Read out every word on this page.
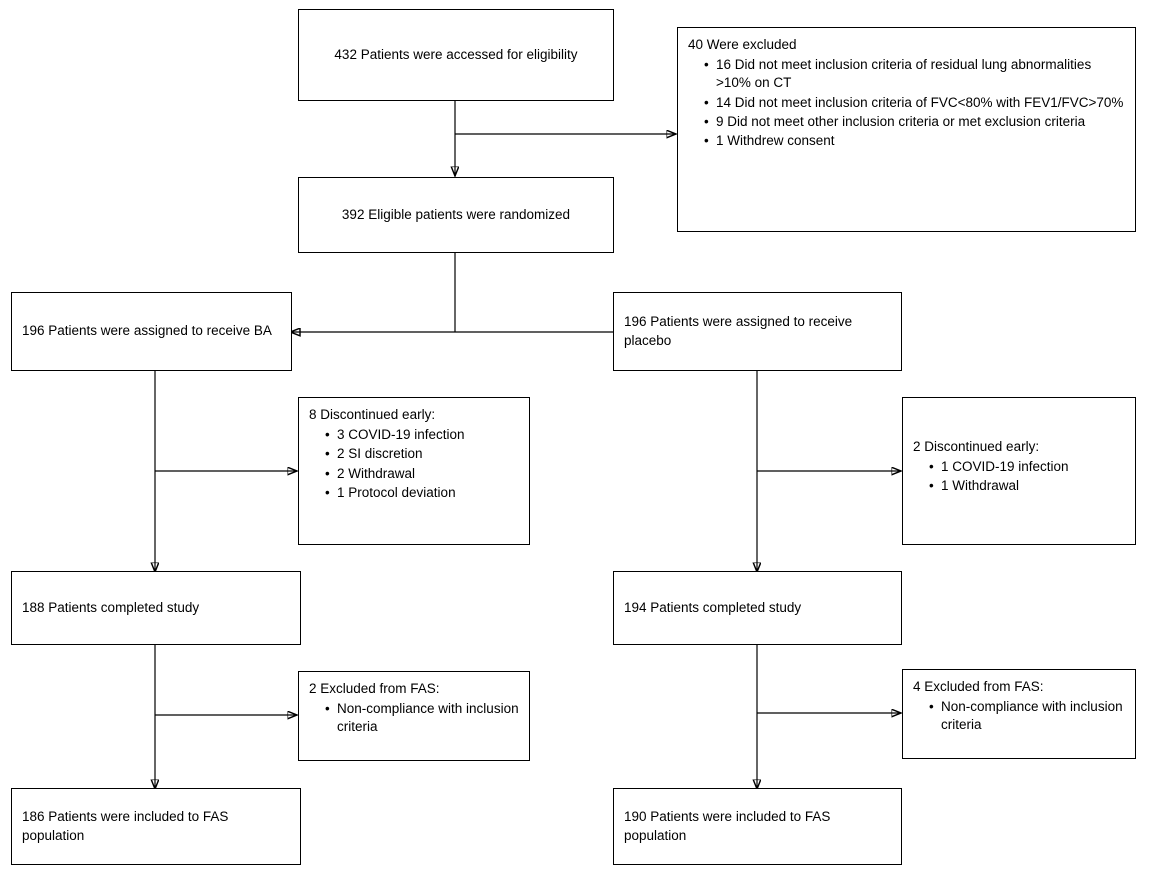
432 Patients were accessed for eligibility
40 Were excluded
• 16 Did not meet inclusion criteria of residual lung abnormalities >10% on CT
• 14 Did not meet inclusion criteria of FVC<80% with FEV1/FVC>70%
• 9 Did not meet other inclusion criteria or met exclusion criteria
• 1 Withdrew consent
392 Eligible patients were randomized
196 Patients were assigned to receive BA
196 Patients were assigned to receive placebo
8 Discontinued early:
• 3 COVID-19 infection
• 2 SI discretion
• 2 Withdrawal
• 1 Protocol deviation
2 Discontinued early:
• 1 COVID-19 infection
• 1 Withdrawal
188 Patients completed study	194 Patients completed study
2 Excluded from FAS:
• Non-compliance with inclusion criteria
4 Excluded from FAS:
• Non-compliance with inclusion criteria
186 Patients were included to FAS population
190 Patients were included to FAS population
